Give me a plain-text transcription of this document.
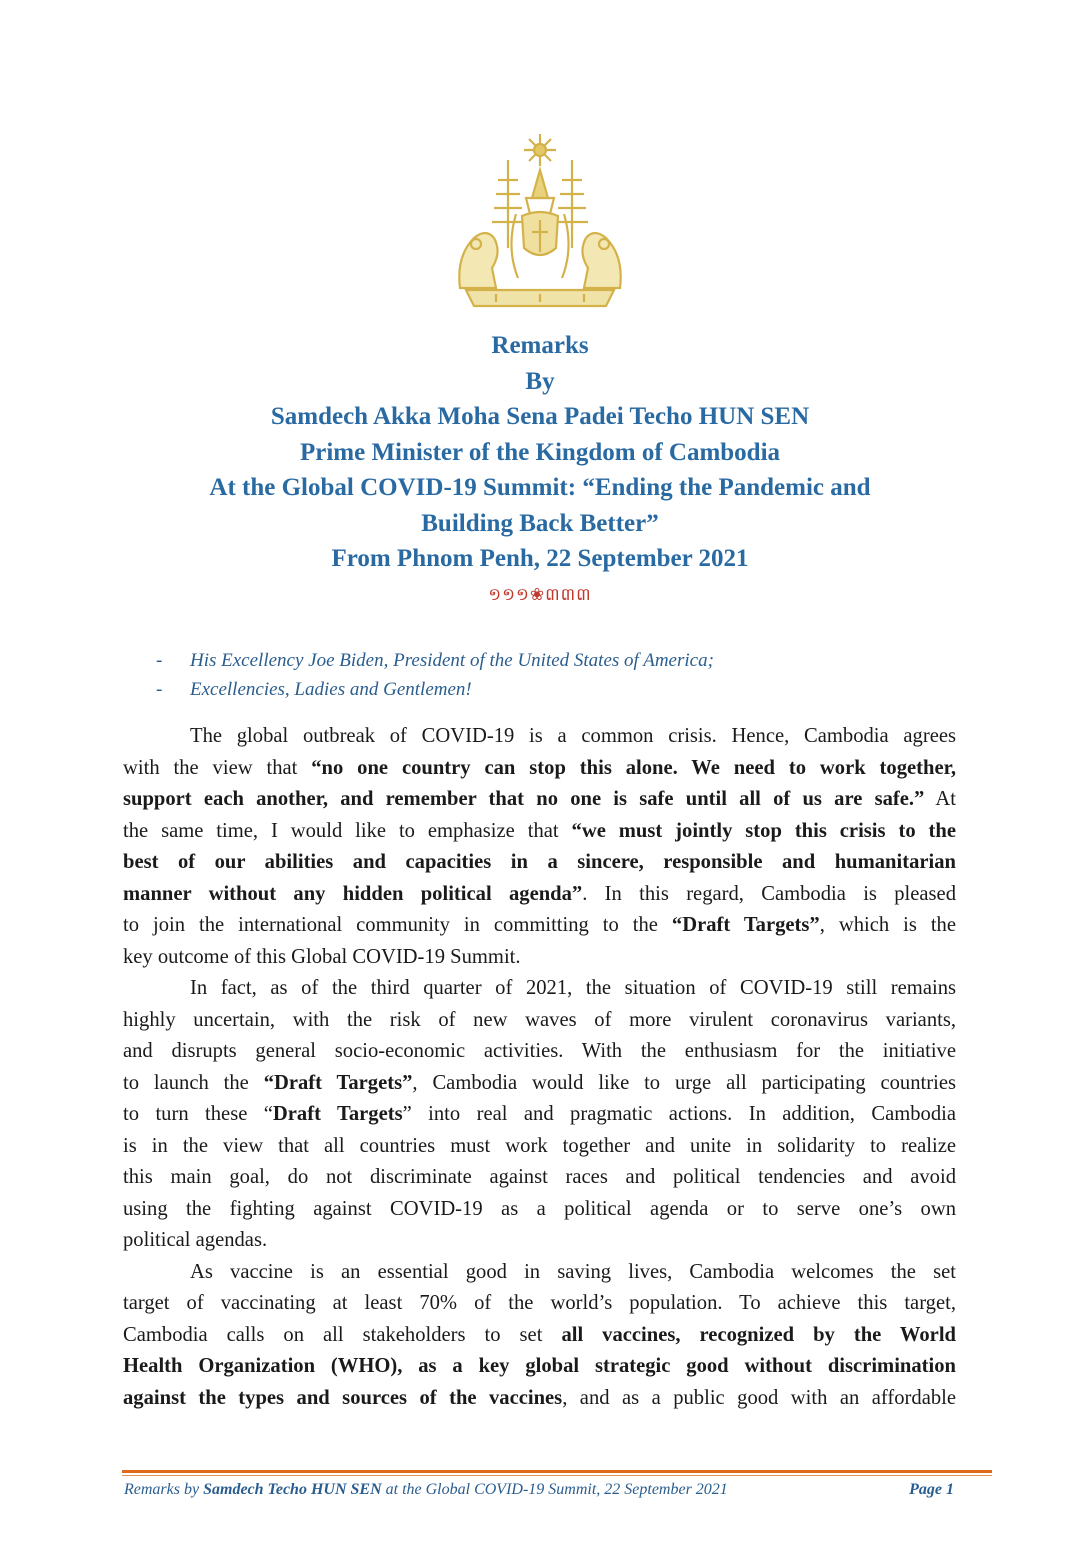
Remarks
By
Samdech Akka Moha Sena Padei Techo HUN SEN
Prime Minister of the Kingdom of Cambodia
At the Global COVID-19 Summit: “Ending the Pandemic and
Building Back Better”
From Phnom Penh, 22 September 2021
១១១❀៣៣៣
- His Excellency Joe Biden, President of the United States of America;
- Excellencies, Ladies and Gentlemen!
The global outbreak of COVID-19 is a common crisis. Hence, Cambodia agrees
with the view that “no one country can stop this alone. We need to work together,
support each another, and remember that no one is safe until all of us are safe.” At
the same time, I would like to emphasize that “we must jointly stop this crisis to the
best of our abilities and capacities in a sincere, responsible and humanitarian
manner without any hidden political agenda”. In this regard, Cambodia is pleased
to join the international community in committing to the “Draft Targets”, which is the
key outcome of this Global COVID-19 Summit.
In fact, as of the third quarter of 2021, the situation of COVID-19 still remains
highly uncertain, with the risk of new waves of more virulent coronavirus variants,
and disrupts general socio-economic activities. With the enthusiasm for the initiative
to launch the “Draft Targets”, Cambodia would like to urge all participating countries
to turn these “Draft Targets” into real and pragmatic actions. In addition, Cambodia
is in the view that all countries must work together and unite in solidarity to realize
this main goal, do not discriminate against races and political tendencies and avoid
using the fighting against COVID-19 as a political agenda or to serve one’s own
political agendas.
As vaccine is an essential good in saving lives, Cambodia welcomes the set
target of vaccinating at least 70% of the world’s population. To achieve this target,
Cambodia calls on all stakeholders to set all vaccines, recognized by the World
Health Organization (WHO), as a key global strategic good without discrimination
against the types and sources of the vaccines, and as a public good with an affordable
Remarks by Samdech Techo HUN SEN at the Global COVID-19 Summit, 22 September 2021	Page 1
